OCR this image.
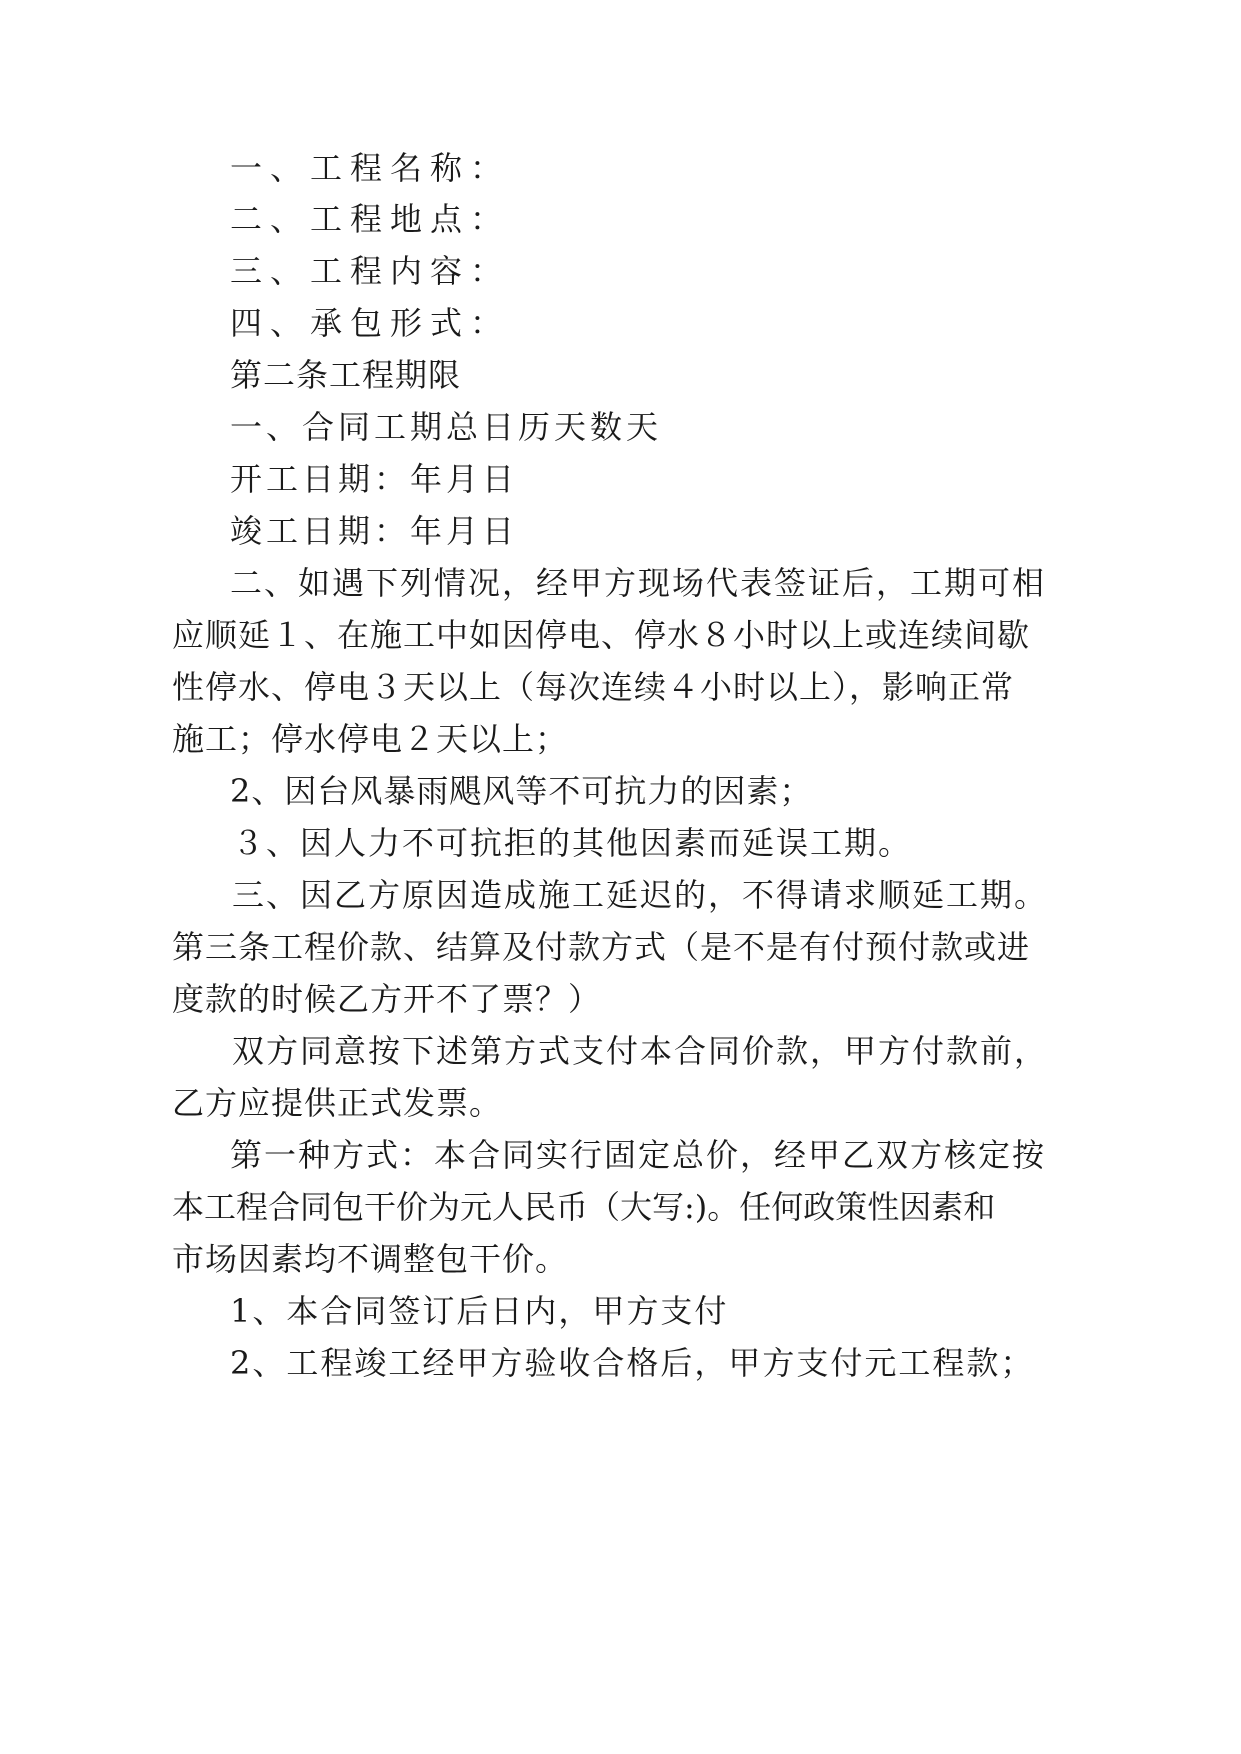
一、工程名称：

二、工程地点：

三、工程内容：

四、承包形式：

第二条工程期限

一、合同工期总日历天数天

开工日期：年月日

竣工日期：年月日

二、如遇下列情况，经甲方现场代表签证后，工期可相

应顺延１、在施工中如因停电、停水８小时以上或连续间歇

性停水、停电３天以上（每次连续４小时以上），影响正常

施工；停水停电２天以上；

2、因台风暴雨飓风等不可抗力的因素；

３、因人力不可抗拒的其他因素而延误工期。

三、因乙方原因造成施工延迟的，不得请求顺延工期。

第三条工程价款、结算及付款方式（是不是有付预付款或进

度款的时候乙方开不了票？）

双方同意按下述第方式支付本合同价款，甲方付款前，

乙方应提供正式发票。

第一种方式：本合同实行固定总价，经甲乙双方核定按

本工程合同包干价为元人民币（大写:)。任何政策性因素和

市场因素均不调整包干价。

1、本合同签订后日内，甲方支付

2、工程竣工经甲方验收合格后，甲方支付元工程款；
